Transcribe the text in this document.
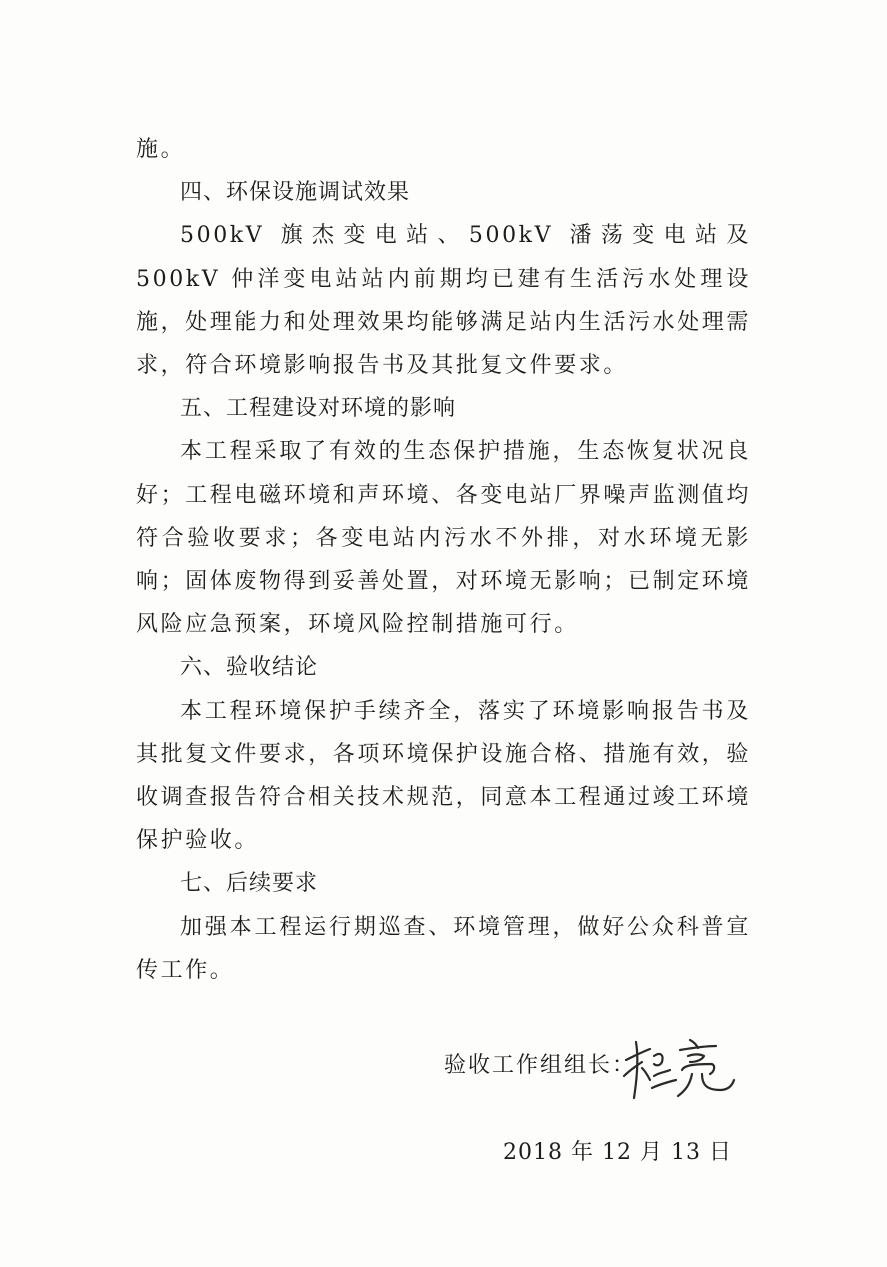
施。

四、环保设施调试效果

500kV 旗杰变电站、500kV 潘荡变电站及 500kV 仲洋变电站站内前期均已建有生活污水处理设施，处理能力和处理效果均能够满足站内生活污水处理需求，符合环境影响报告书及其批复文件要求。

五、工程建设对环境的影响

本工程采取了有效的生态保护措施，生态恢复状况良好；工程电磁环境和声环境、各变电站厂界噪声监测值均符合验收要求；各变电站内污水不外排，对水环境无影响；固体废物得到妥善处置，对环境无影响；已制定环境风险应急预案，环境风险控制措施可行。

六、验收结论

本工程环境保护手续齐全，落实了环境影响报告书及其批复文件要求，各项环境保护设施合格、措施有效，验收调查报告符合相关技术规范，同意本工程通过竣工环境保护验收。

七、后续要求

加强本工程运行期巡查、环境管理，做好公众科普宣传工作。

验收工作组组长：
2018 年 12 月 13 日
